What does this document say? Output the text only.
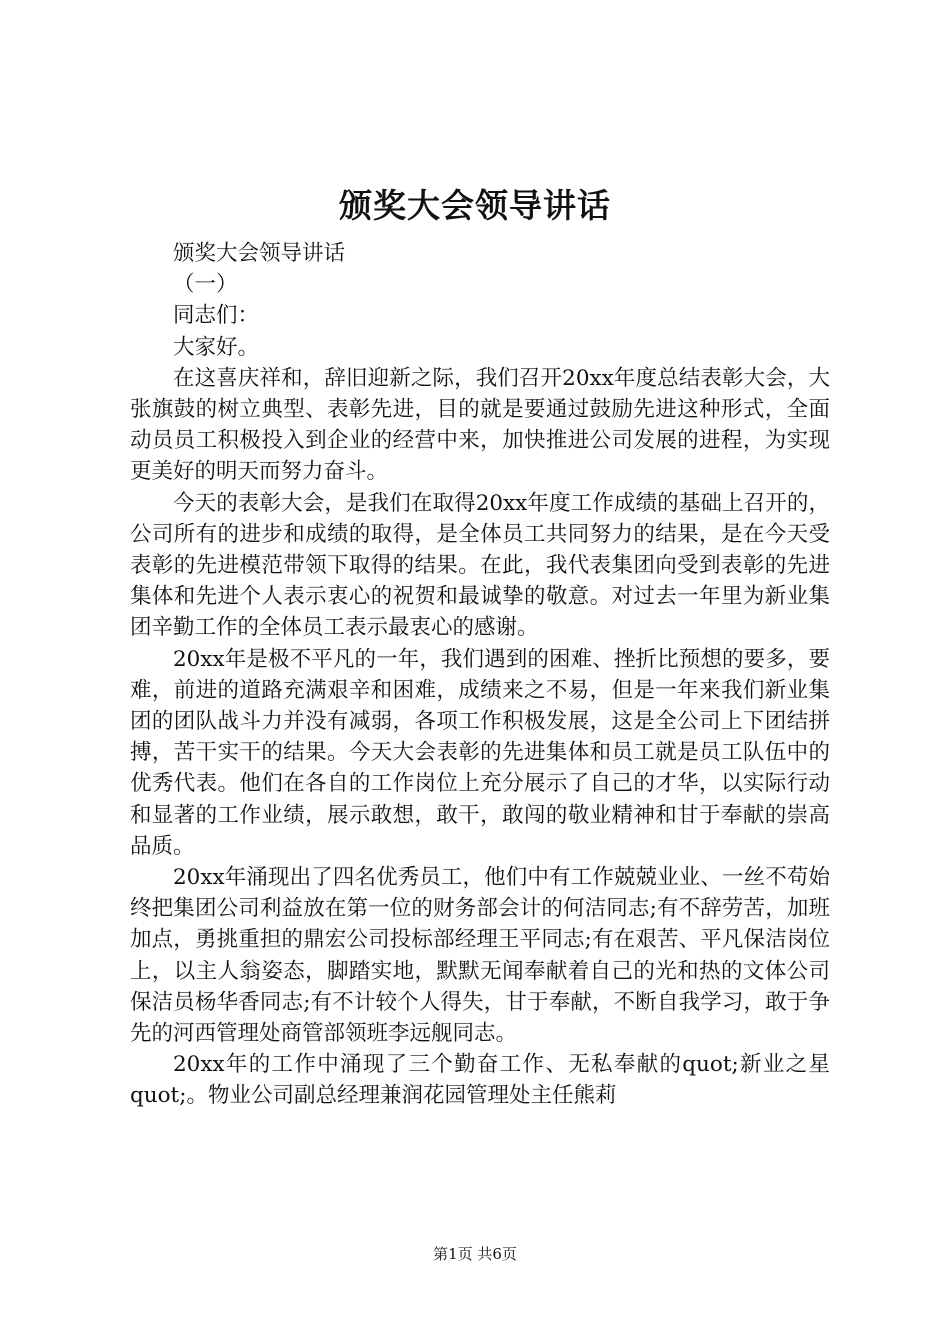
颁奖大会领导讲话

颁奖大会领导讲话

（一）

同志们：

大家好。

在这喜庆祥和，辞旧迎新之际，我们召开20xx年度总结表彰大会，大张旗鼓的树立典型、表彰先进，目的就是要通过鼓励先进这种形式，全面动员员工积极投入到企业的经营中来，加快推进公司发展的进程，为实现更美好的明天而努力奋斗。

今天的表彰大会，是我们在取得20xx年度工作成绩的基础上召开的，公司所有的进步和成绩的取得，是全体员工共同努力的结果，是在今天受表彰的先进模范带领下取得的结果。在此，我代表集团向受到表彰的先进集体和先进个人表示衷心的祝贺和最诚挚的敬意。对过去一年里为新业集团辛勤工作的全体员工表示最衷心的感谢。

20xx年是极不平凡的一年，我们遇到的困难、挫折比预想的要多，要难，前进的道路充满艰辛和困难，成绩来之不易，但是一年来我们新业集团的团队战斗力并没有减弱，各项工作积极发展，这是全公司上下团结拼搏，苦干实干的结果。今天大会表彰的先进集体和员工就是员工队伍中的优秀代表。他们在各自的工作岗位上充分展示了自己的才华，以实际行动和显著的工作业绩，展示敢想，敢干，敢闯的敬业精神和甘于奉献的崇高品质。

20xx年涌现出了四名优秀员工，他们中有工作兢兢业业、一丝不苟始终把集团公司利益放在第一位的财务部会计的何洁同志;有不辞劳苦，加班加点，勇挑重担的鼎宏公司投标部经理王平同志;有在艰苦、平凡保洁岗位上，以主人翁姿态，脚踏实地，默默无闻奉献着自己的光和热的文体公司保洁员杨华香同志;有不计较个人得失，甘于奉献，不断自我学习，敢于争先的河西管理处商管部领班李远舰同志。

20xx年的工作中涌现了三个勤奋工作、无私奉献的quot;新业之星quot;。物业公司副总经理兼润花园管理处主任熊莉

第1页 共6页
